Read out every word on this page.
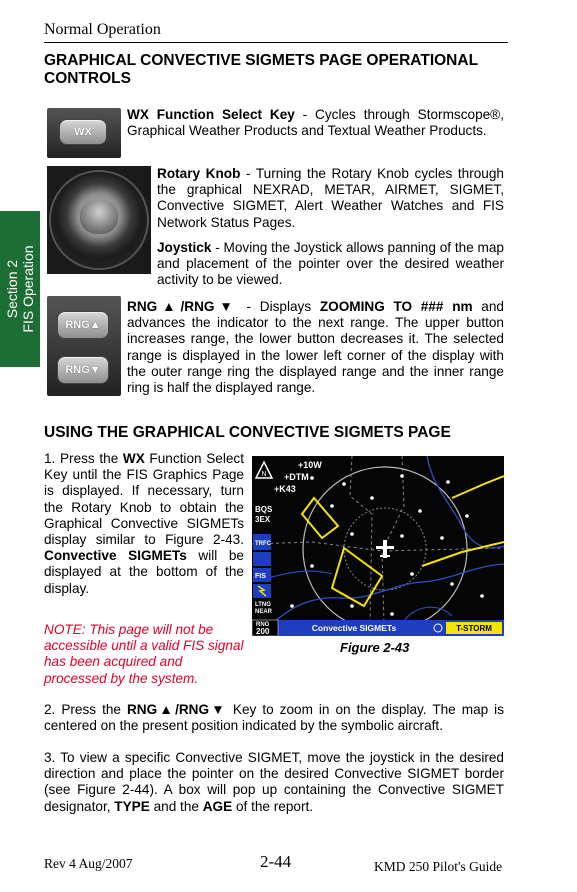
Normal Operation
Section 2 FIS Operation
GRAPHICAL CONVECTIVE SIGMETS PAGE OPERATIONAL CONTROLS
WX
WX Function Select Key - Cycles through Stormscope®, Graphical Weather Products and Textual Weather Products.
Rotary Knob - Turning the Rotary Knob cycles through the graphical NEXRAD, METAR, AIRMET, SIGMET, Convective SIGMET, Alert Weather Watches and FIS Network Status Pages.
Joystick - Moving the Joystick allows panning of the map and placement of the pointer over the desired weather activity to be viewed.
RNG▲
RNG▼
RNG▲/RNG▼ - Displays ZOOMING TO ### nm and advances the indicator to the next range. The upper button increases range, the lower button decreases it. The selected range is displayed in the lower left corner of the display with the outer range ring the displayed range and the inner range ring is half the displayed range.
USING THE GRAPHICAL CONVECTIVE SIGMETS PAGE
1. Press the WX Function Select Key until the FIS Graphics Page is displayed. If necessary, turn the Rotary Knob to obtain the Graphical Convective SIGMETs display similar to Figure 2-43. Convective SIGMETs will be displayed at the bottom of the display.
NOTE: This page will not be accessible until a valid FIS signal has been acquired and processed by the system.
N
+10W
+DTM
+K43
BQS
3EX
TRFC
FIS
LTNG
NEAR
RNG
200	Convective SIGMETs	T-STORM
Figure 2-43
2. Press the RNG▲/RNG▼ Key to zoom in on the display. The map is centered on the present position indicated by the symbolic aircraft.
3. To view a specific Convective SIGMET, move the joystick in the desired direction and place the pointer on the desired Convective SIGMET border (see Figure 2-44). A box will pop up containing the Convective SIGMET designator, TYPE and the AGE of the report.
Rev 4 Aug/2007	2-44	KMD 250 Pilot's Guide
